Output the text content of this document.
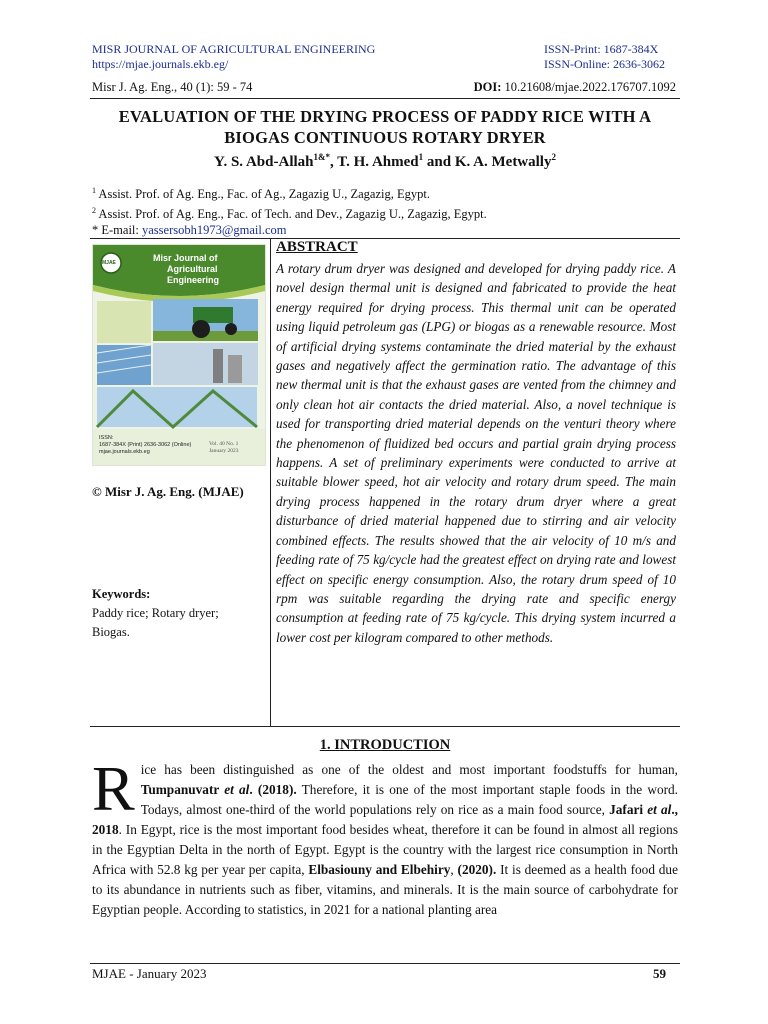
MISR JOURNAL OF AGRICULTURAL ENGINEERING
https://mjae.journals.ekb.eg/
ISSN-Print: 1687-384X
ISSN-Online: 2636-3062
Misr J. Ag. Eng., 40 (1): 59 - 74	DOI: 10.21608/mjae.2022.176707.1092
EVALUATION OF THE DRYING PROCESS OF PADDY RICE WITH A
BIOGAS CONTINUOUS ROTARY DRYER
Y. S. Abd-Allah$^{1\&*}$, T. H. Ahmed$^1$ and K. A. Metwally$^2$
$^1$ Assist. Prof. of Ag. Eng., Fac. of Ag., Zagazig U., Zagazig, Egypt.
$^2$ Assist. Prof. of Ag. Eng., Fac. of Tech. and Dev., Zagazig U., Zagazig, Egypt.
* E-mail: yassersobh1973@gmail.com
Misr Journal of
Agricultural
Engineering
MJAE
ISSN:
1687-384X (Print) 2636-3062 (Online)
mjae.journals.ekb.eg
Vol. 40 No. 1
January 2023
© Misr J. Ag. Eng. (MJAE)
Keywords:
Paddy rice; Rotary dryer;
Biogas.
ABSTRACT
A rotary drum dryer was designed and developed for drying paddy rice. A novel design thermal unit is designed and fabricated to provide the heat energy required for drying process. This thermal unit can be operated using liquid petroleum gas (LPG) or biogas as a renewable resource. Most of artificial drying systems contaminate the dried material by the exhaust gases and negatively affect the germination ratio. The advantage of this new thermal unit is that the exhaust gases are vented from the chimney and only clean hot air contacts the dried material. Also, a novel technique is used for transporting dried material depends on the venturi theory where the phenomenon of fluidized bed occurs and partial grain drying process happens. A set of preliminary experiments were conducted to arrive at suitable blower speed, hot air velocity and rotary drum speed. The main drying process happened in the rotary drum dryer where a great disturbance of dried material happened due to stirring and air velocity combined effects. The results showed that the air velocity of 10 m/s and feeding rate of 75 kg/cycle had the greatest effect on drying rate and lowest effect on specific energy consumption. Also, the rotary drum speed of 10 rpm was suitable regarding the drying rate and specific energy consumption at feeding rate of 75 kg/cycle. This drying system incurred a lower cost per kilogram compared to other methods.
1. INTRODUCTION
Rice has been distinguished as one of the oldest and most important foodstuffs for human, Tumpanuvatr et al. (2018). Therefore, it is one of the most important staple foods in the word. Todays, almost one-third of the world populations rely on rice as a main food source, Jafari et al., 2018. In Egypt, rice is the most important food besides wheat, therefore it can be found in almost all regions in the Egyptian Delta in the north of Egypt. Egypt is the country with the largest rice consumption in North Africa with 52.8 kg per year per capita, Elbasiouny and Elbehiry, (2020). It is deemed as a health food due to its abundance in nutrients such as fiber, vitamins, and minerals. It is the main source of carbohydrate for Egyptian people. According to statistics, in 2021 for a national planting area
MJAE - January 2023	59
